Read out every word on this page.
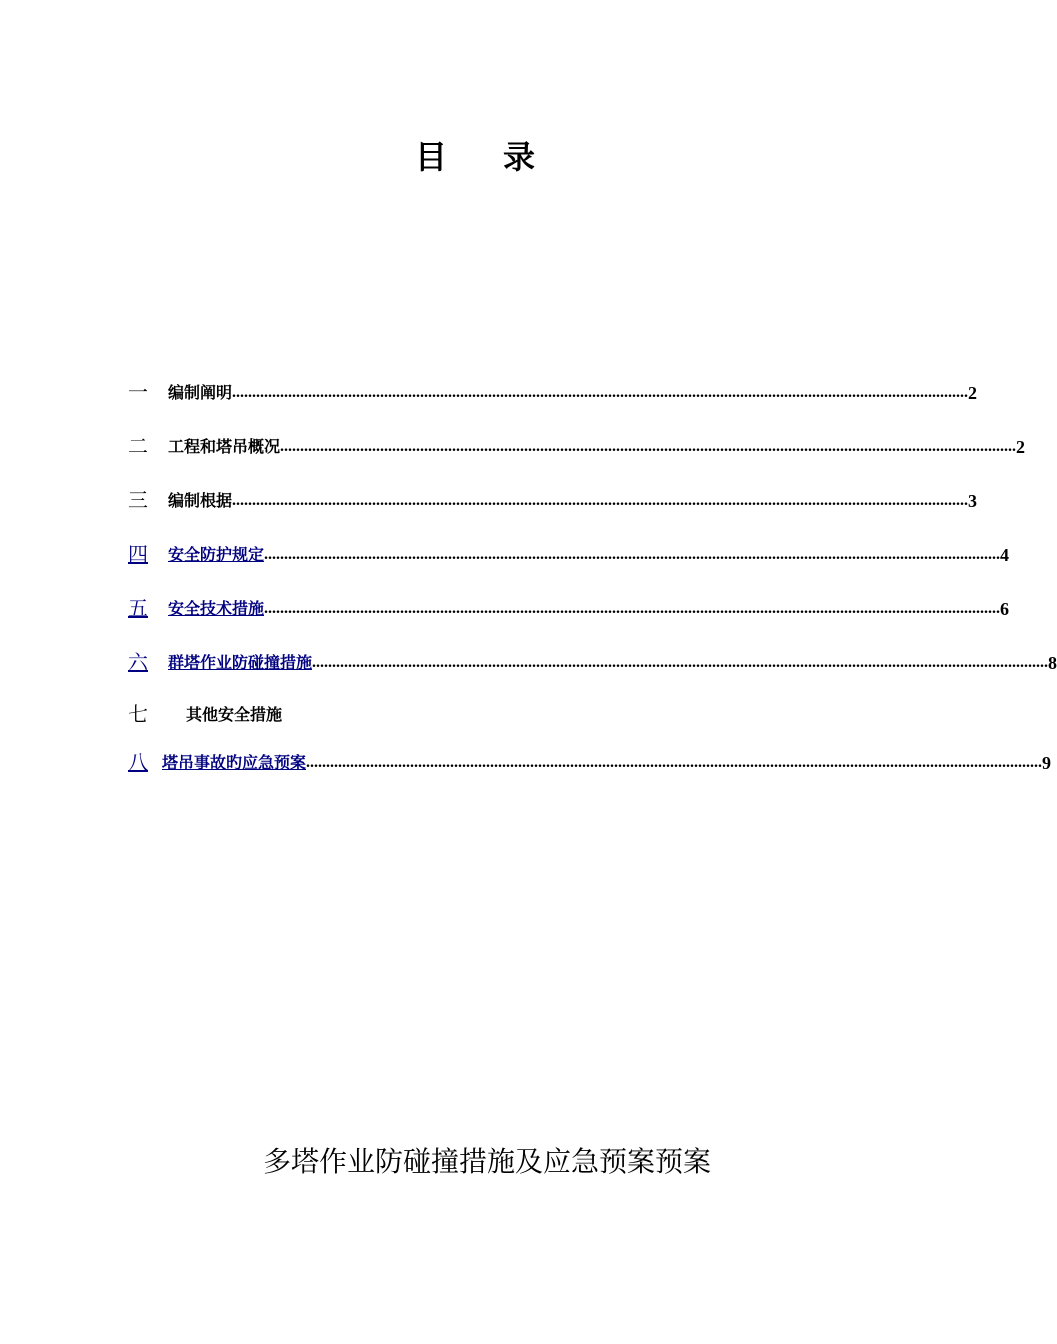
目 录
一	编制阐明 ........................................................................................................................................................................................ 2
二	工程和塔吊概况 ........................................................................................................................................................................................ 2
三	编制根据 ........................................................................................................................................................................................ 3
四	安全防护规定 ........................................................................................................................................................................................ 4
五	安全技术措施 ........................................................................................................................................................................................ 6
六	群塔作业防碰撞措施 ........................................................................................................................................................................................ 8
七	其他安全措施
八 塔吊事故旳应急预案 ........................................................................................................................................................................................ 9
多塔作业防碰撞措施及应急预案预案
